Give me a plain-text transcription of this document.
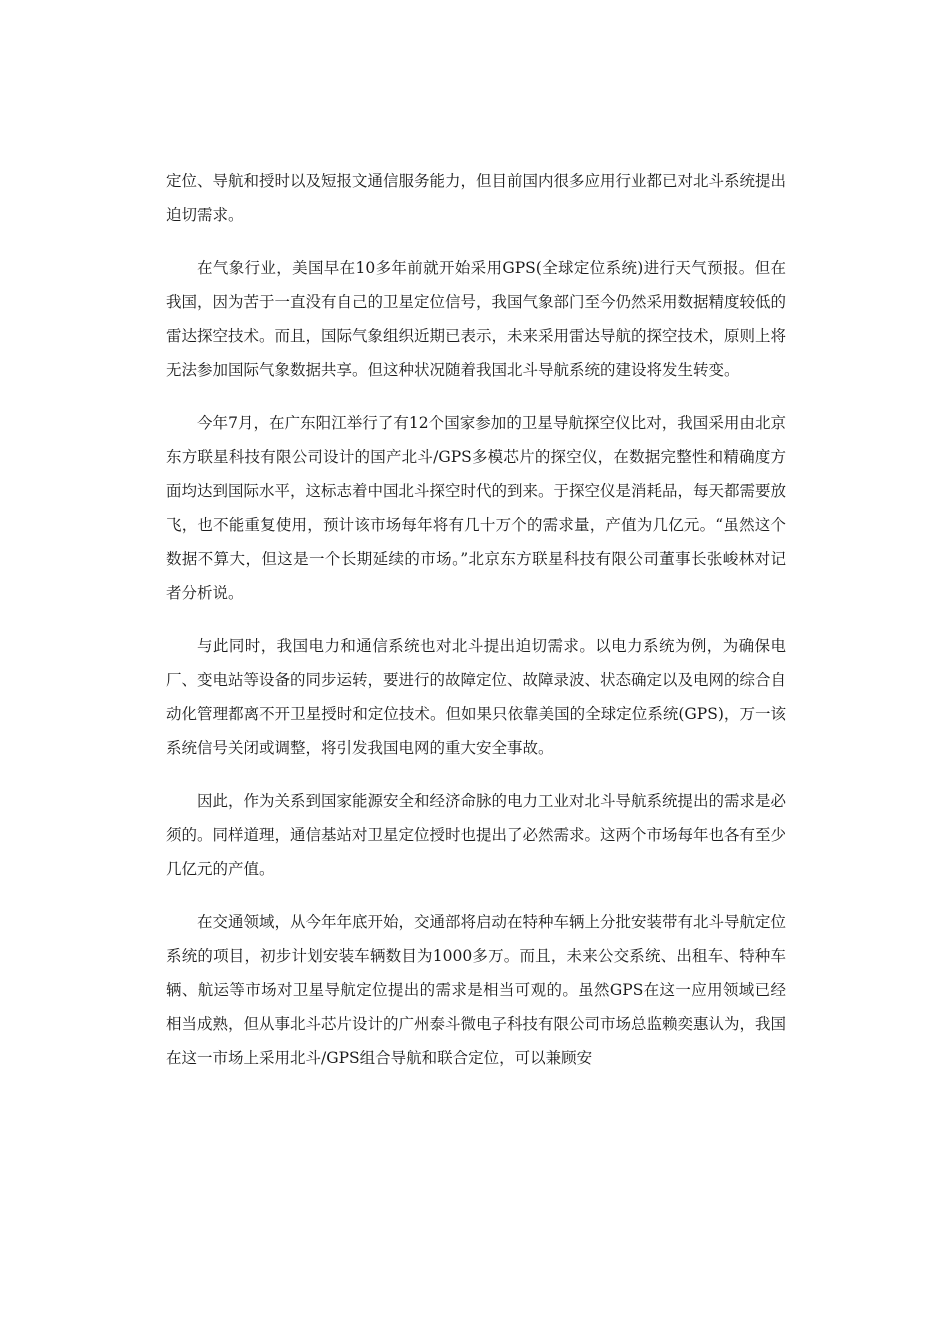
定位、导航和授时以及短报文通信服务能力，但目前国内很多应用行业都已对北斗系统提出迫切需求。

在气象行业，美国早在10多年前就开始采用GPS(全球定位系统)进行天气预报。但在我国，因为苦于一直没有自己的卫星定位信号，我国气象部门至今仍然采用数据精度较低的雷达探空技术。而且，国际气象组织近期已表示，未来采用雷达导航的探空技术，原则上将无法参加国际气象数据共享。但这种状况随着我国北斗导航系统的建设将发生转变。

今年7月，在广东阳江举行了有12个国家参加的卫星导航探空仪比对，我国采用由北京东方联星科技有限公司设计的国产北斗/GPS多模芯片的探空仪，在数据完整性和精确度方面均达到国际水平，这标志着中国北斗探空时代的到来。于探空仪是消耗品，每天都需要放飞，也不能重复使用，预计该市场每年将有几十万个的需求量，产值为几亿元。“虽然这个数据不算大，但这是一个长期延续的市场。”北京东方联星科技有限公司董事长张峻林对记者分析说。

与此同时，我国电力和通信系统也对北斗提出迫切需求。以电力系统为例，为确保电厂、变电站等设备的同步运转，要进行的故障定位、故障录波、状态确定以及电网的综合自动化管理都离不开卫星授时和定位技术。但如果只依靠美国的全球定位系统(GPS)，万一该系统信号关闭或调整，将引发我国电网的重大安全事故。

因此，作为关系到国家能源安全和经济命脉的电力工业对北斗导航系统提出的需求是必须的。同样道理，通信基站对卫星定位授时也提出了必然需求。这两个市场每年也各有至少几亿元的产值。

在交通领域，从今年年底开始，交通部将启动在特种车辆上分批安装带有北斗导航定位系统的项目，初步计划安装车辆数目为1000多万。而且，未来公交系统、出租车、特种车辆、航运等市场对卫星导航定位提出的需求是相当可观的。虽然GPS在这一应用领域已经相当成熟，但从事北斗芯片设计的广州泰斗微电子科技有限公司市场总监赖奕惠认为，我国在这一市场上采用北斗/GPS组合导航和联合定位，可以兼顾安
